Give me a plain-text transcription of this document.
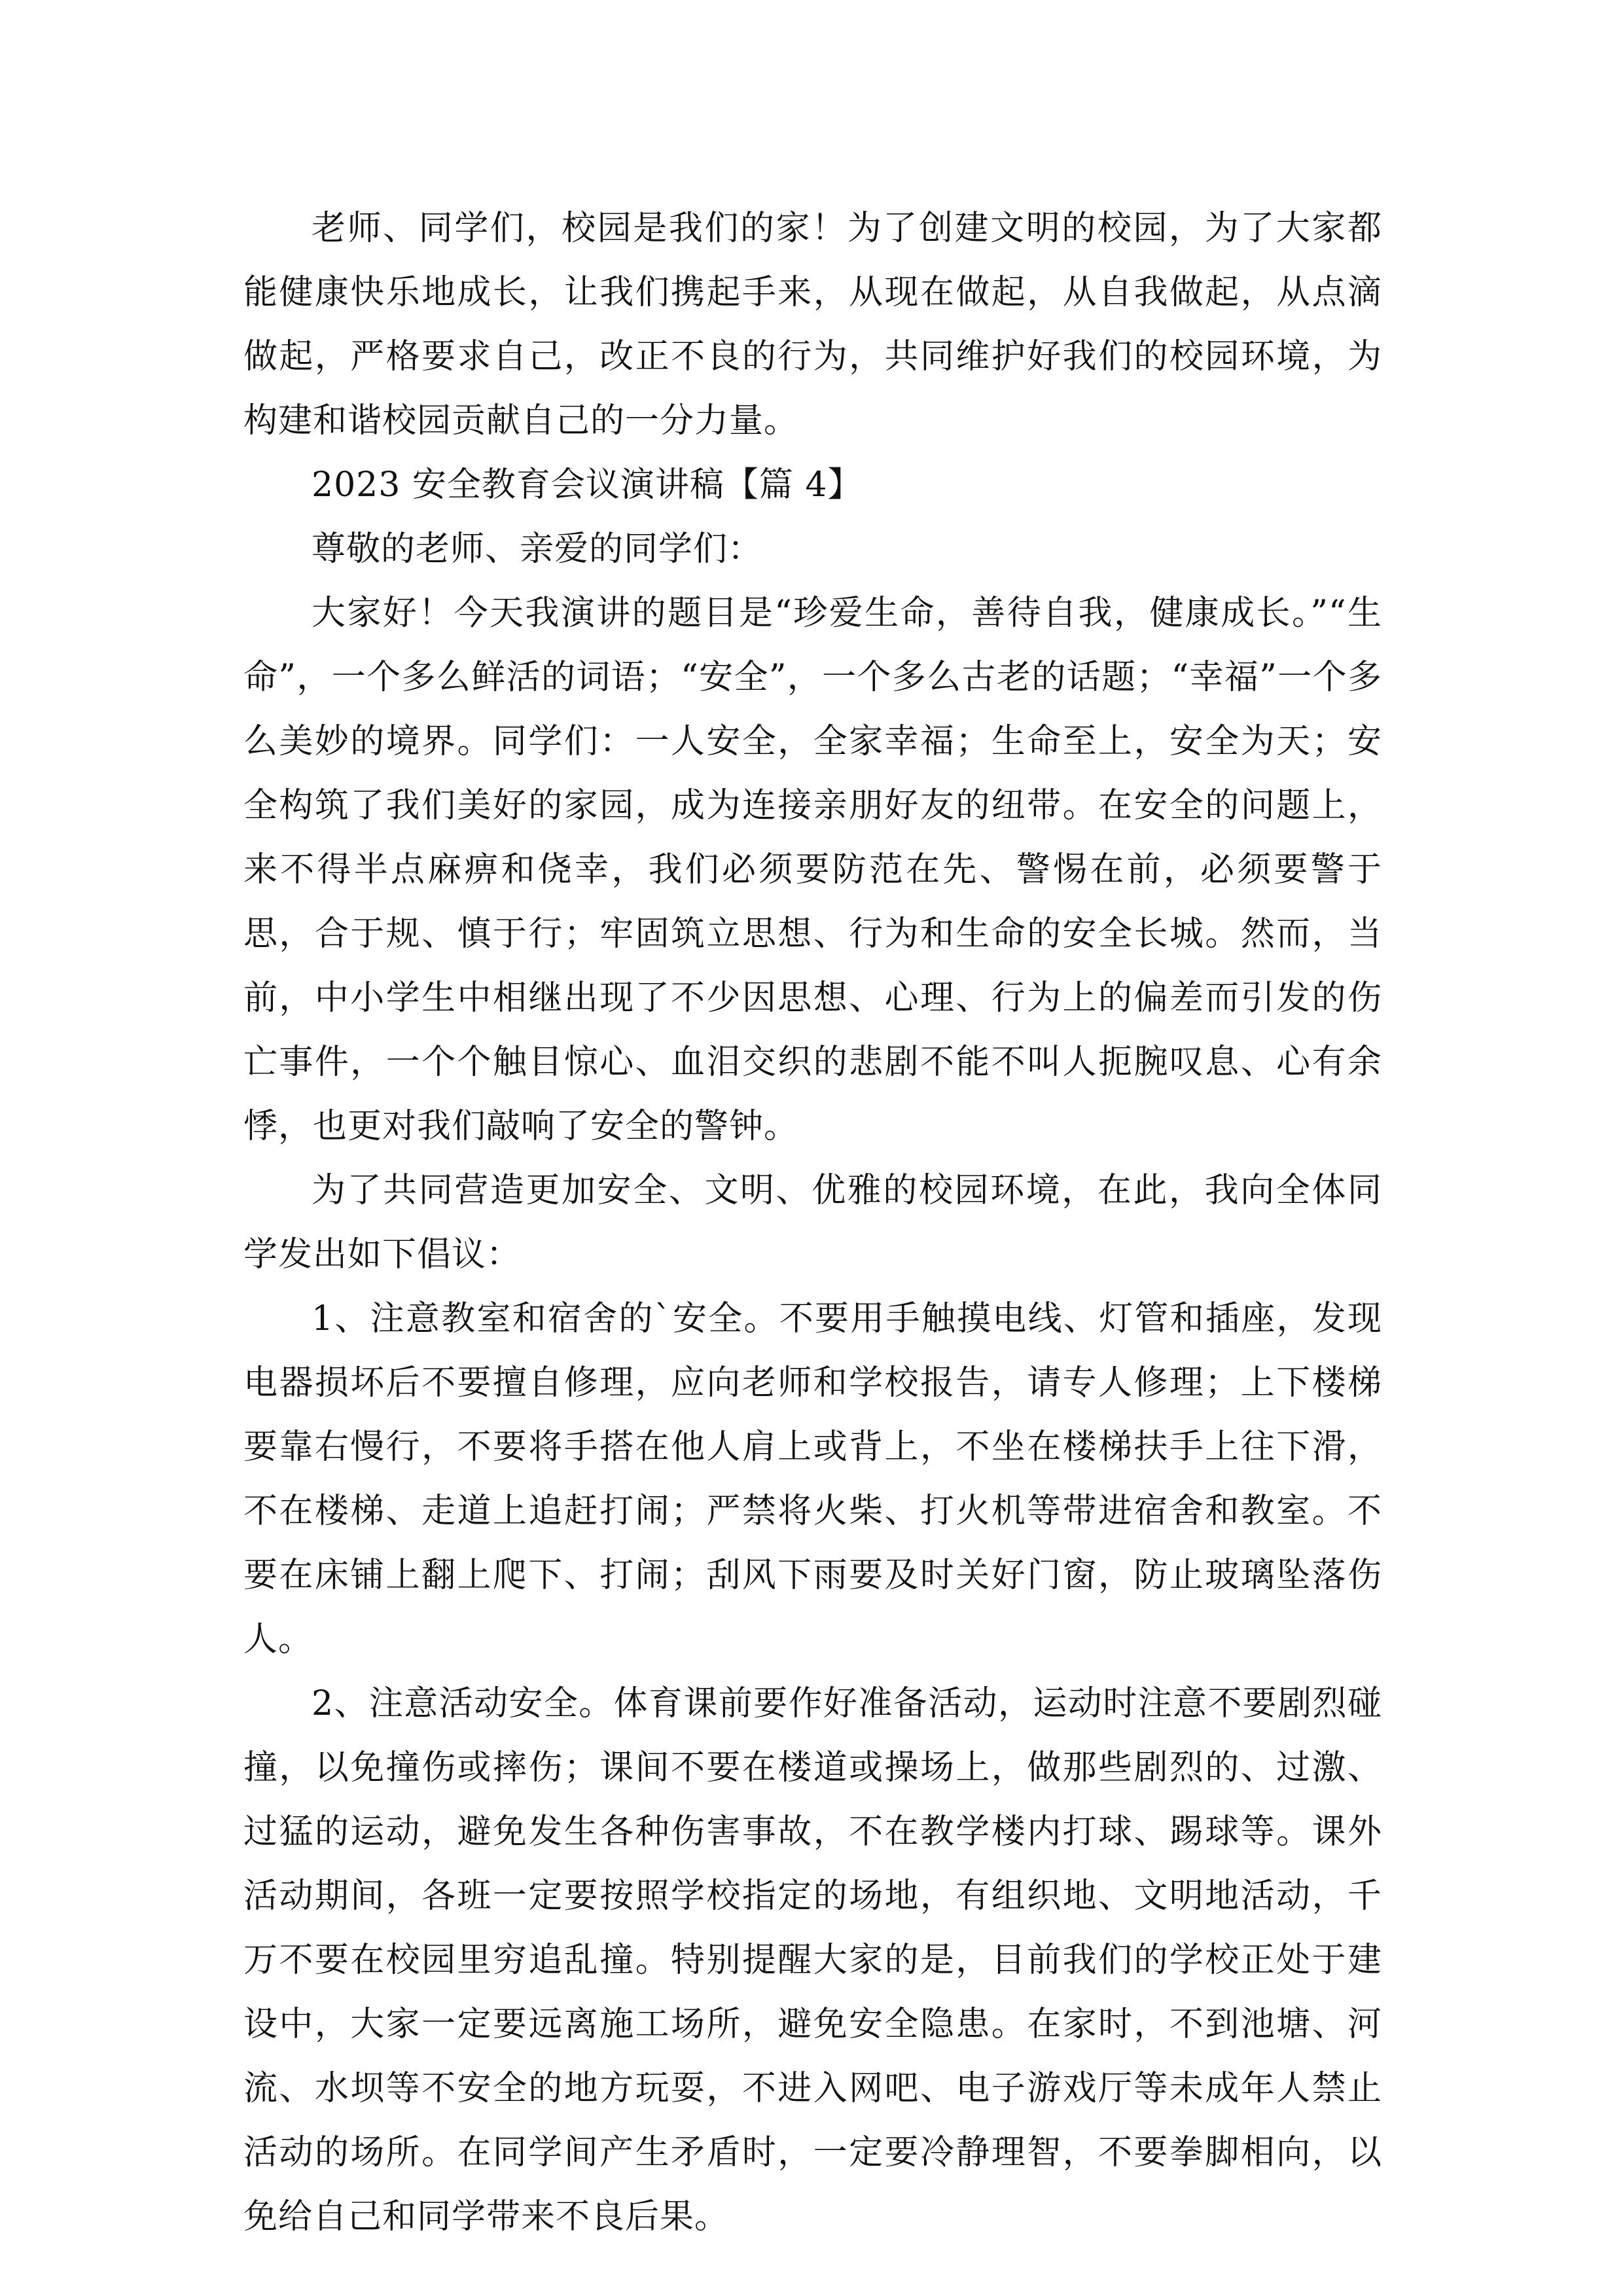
老师、同学们，校园是我们的家！为了创建文明的校园，为了大家都能健康快乐地成长，让我们携起手来，从现在做起，从自我做起，从点滴做起，严格要求自己，改正不良的行为，共同维护好我们的校园环境，为构建和谐校园贡献自己的一分力量。

2023 安全教育会议演讲稿【篇 4】

尊敬的老师、亲爱的同学们：

大家好！今天我演讲的题目是“珍爱生命，善待自我，健康成长。”“生命”，一个多么鲜活的词语；“安全”，一个多么古老的话题；“幸福”一个多么美妙的境界。同学们：一人安全，全家幸福；生命至上，安全为天；安全构筑了我们美好的家园，成为连接亲朋好友的纽带。在安全的问题上，来不得半点麻痹和侥幸，我们必须要防范在先、警惕在前，必须要警于思，合于规、慎于行；牢固筑立思想、行为和生命的安全长城。然而，当前，中小学生中相继出现了不少因思想、心理、行为上的偏差而引发的伤亡事件，一个个触目惊心、血泪交织的悲剧不能不叫人扼腕叹息、心有余悸，也更对我们敲响了安全的警钟。

为了共同营造更加安全、文明、优雅的校园环境，在此，我向全体同学发出如下倡议：

1、注意教室和宿舍的`安全。不要用手触摸电线、灯管和插座，发现电器损坏后不要擅自修理，应向老师和学校报告，请专人修理；上下楼梯要靠右慢行，不要将手搭在他人肩上或背上，不坐在楼梯扶手上往下滑，不在楼梯、走道上追赶打闹；严禁将火柴、打火机等带进宿舍和教室。不要在床铺上翻上爬下、打闹；刮风下雨要及时关好门窗，防止玻璃坠落伤人。

2、注意活动安全。体育课前要作好准备活动，运动时注意不要剧烈碰撞，以免撞伤或摔伤；课间不要在楼道或操场上，做那些剧烈的、过激、过猛的运动，避免发生各种伤害事故，不在教学楼内打球、踢球等。课外活动期间，各班一定要按照学校指定的场地，有组织地、文明地活动，千万不要在校园里穷追乱撞。特别提醒大家的是，目前我们的学校正处于建设中，大家一定要远离施工场所，避免安全隐患。在家时，不到池塘、河流、水坝等不安全的地方玩耍，不进入网吧、电子游戏厅等未成年人禁止活动的场所。在同学间产生矛盾时，一定要冷静理智，不要拳脚相向，以免给自己和同学带来不良后果。
